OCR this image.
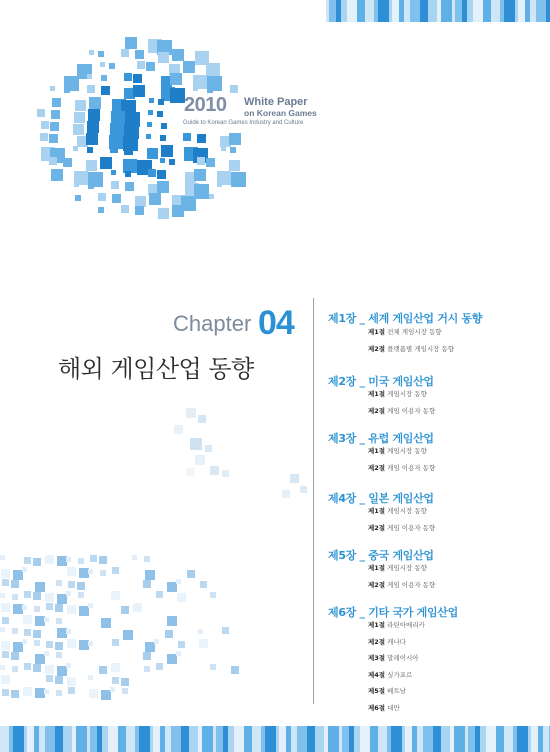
2010 White Paper
on Korean Games
Guide to Korean Games Industry and Culture
Chapter 04
해외 게임산업 동향
제1장 _ 세계 게임산업 거시 동향
제1절 전체 게임시장 동향
제2절 플랫폼별 게임시장 동향
제2장 _ 미국 게임산업
제1절 게임시장 동향
제2절 게임 이용자 동향
제3장 _ 유럽 게임산업
제1절 게임시장 동향
제2절 게임 이용자 동향
제4장 _ 일본 게임산업
제1절 게임시장 동향
제2절 게임 이용자 동향
제5장 _ 중국 게임산업
제1절 게임시장 동향
제2절 게임 이용자 동향
제6장 _ 기타 국가 게임산업
제1절 라틴아메리카
제2절 캐나다
제3절 말레이시아
제4절 싱가포르
제5절 베트남
제6절 대만
